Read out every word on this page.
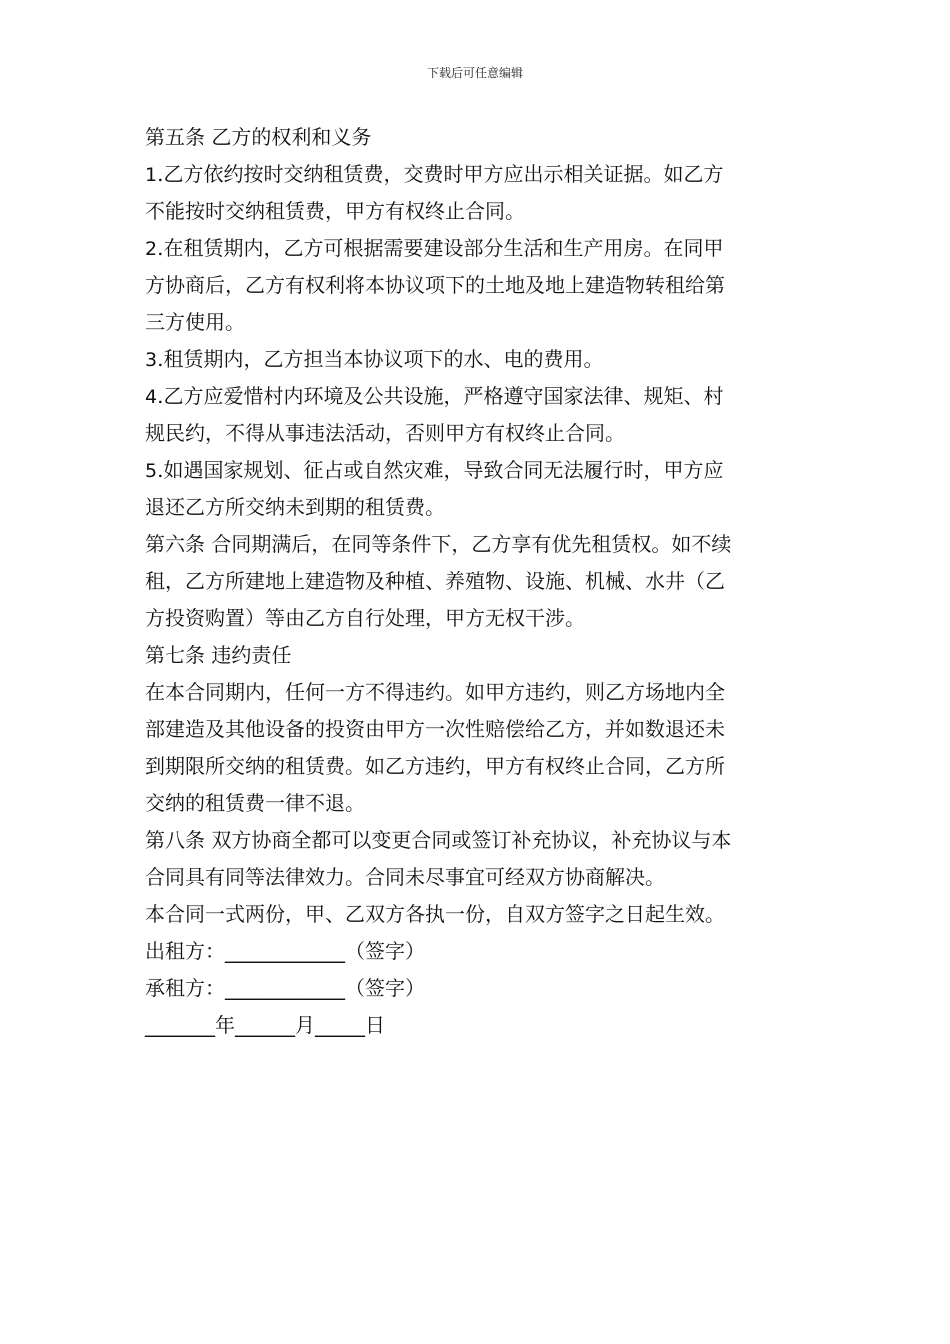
下载后可任意编辑
第五条 乙方的权利和义务
1.乙方依约按时交纳租赁费，交费时甲方应出示相关证据。如乙方
不能按时交纳租赁费，甲方有权终止合同。
2.在租赁期内，乙方可根据需要建设部分生活和生产用房。在同甲
方协商后，乙方有权利将本协议项下的土地及地上建造物转租给第
三方使用。
3.租赁期内，乙方担当本协议项下的水、电的费用。
4.乙方应爱惜村内环境及公共设施，严格遵守国家法律、规矩、村
规民约，不得从事违法活动，否则甲方有权终止合同。
5.如遇国家规划、征占或自然灾难，导致合同无法履行时，甲方应
退还乙方所交纳未到期的租赁费。
第六条 合同期满后，在同等条件下，乙方享有优先租赁权。如不续
租，乙方所建地上建造物及种植、养殖物、设施、机械、水井（乙
方投资购置）等由乙方自行处理，甲方无权干涉。
第七条 违约责任
在本合同期内，任何一方不得违约。如甲方违约，则乙方场地内全
部建造及其他设备的投资由甲方一次性赔偿给乙方，并如数退还未
到期限所交纳的租赁费。如乙方违约，甲方有权终止合同，乙方所
交纳的租赁费一律不退。
第八条 双方协商全都可以变更合同或签订补充协议，补充协议与本
合同具有同等法律效力。合同未尽事宜可经双方协商解决。
本合同一式两份，甲、乙双方各执一份，自双方签字之日起生效。
出租方：____________（签字）
承租方：____________（签字）
_______年______月_____日
